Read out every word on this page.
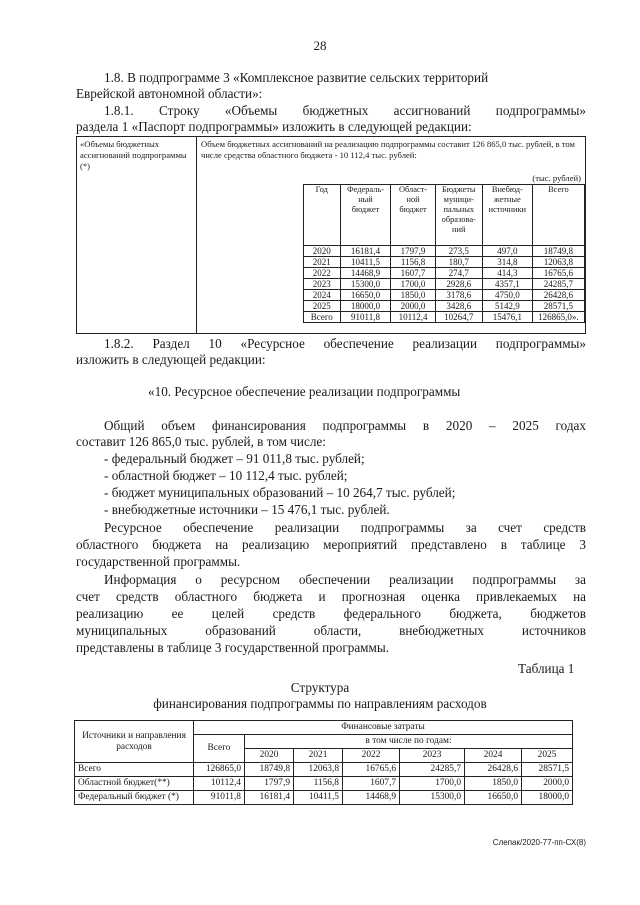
28
1.8. В подпрограмме 3 «Комплексное развитие сельских территорий
Еврейской автономной области»:
1.8.1. Строку «Объемы бюджетных ассигнований подпрограммы»
раздела 1 «Паспорт подпрограммы» изложить в следующей редакции:
«Объемы бюджетных ассигнований подпрограммы (*)
Объем бюджетных ассигнований на реализацию подпрограммы составит 126 865,0 тыс. рублей, в том числе средства областного бюджета - 10 112,4 тыс. рублей:
(тыс. рублей)
Год	Федераль-ный бюджет	Област-ной бюджет	Бюджеты муници-пальных образова-ний	Внебюд-жетные источники	Всего
2020	16181,4	1797,9	273,5	497,0	18749,8
2021	10411,5	1156,8	180,7	314,8	12063,8
2022	14468,9	1607,7	274,7	414,3	16765,6
2023	15300,0	1700,0	2928,6	4357,1	24285,7
2024	16650,0	1850,0	3178,6	4750,0	26428,6
2025	18000,0	2000,0	3428,6	5142,9	28571,5
Всего	91011,8	10112,4	10264,7	15476,1	126865,0».
1.8.2. Раздел 10 «Ресурсное обеспечение реализации подпрограммы»
изложить в следующей редакции:
«10. Ресурсное обеспечение реализации подпрограммы
Общий объем финансирования подпрограммы в 2020 – 2025 годах
составит 126 865,0 тыс. рублей, в том числе:
- федеральный бюджет – 91 011,8 тыс. рублей;
- областной бюджет – 10 112,4 тыс. рублей;
- бюджет муниципальных образований – 10 264,7 тыс. рублей;
- внебюджетные источники – 15 476,1 тыс. рублей.
Ресурсное обеспечение реализации подпрограммы за счет средств
областного бюджета на реализацию мероприятий представлено в таблице 3
государственной программы.
Информация о ресурсном обеспечении реализации подпрограммы за
счет средств областного бюджета и прогнозная оценка привлекаемых на
реализацию ее целей средств федерального бюджета, бюджетов
муниципальных образований области, внебюджетных источников
представлены в таблице 3 государственной программы.
Таблица 1
Структура
финансирования подпрограммы по направлениям расходов
Источники и направления расходов	Финансовые затраты						
	Всего	в том числе по годам:					
		2020	2021	2022	2023	2024	2025
Всего	126865,0	18749,8	12063,8	16765,6	24285,7	26428,6	28571,5
Областной бюджет(**)	10112,4	1797,9	1156,8	1607,7	1700,0	1850,0	2000,0
Федеральный бюджет (*)	91011,8	16181,4	10411,5	14468,9	15300,0	16650,0	18000,0
Слепак/2020-77-пп-СХ(8)
